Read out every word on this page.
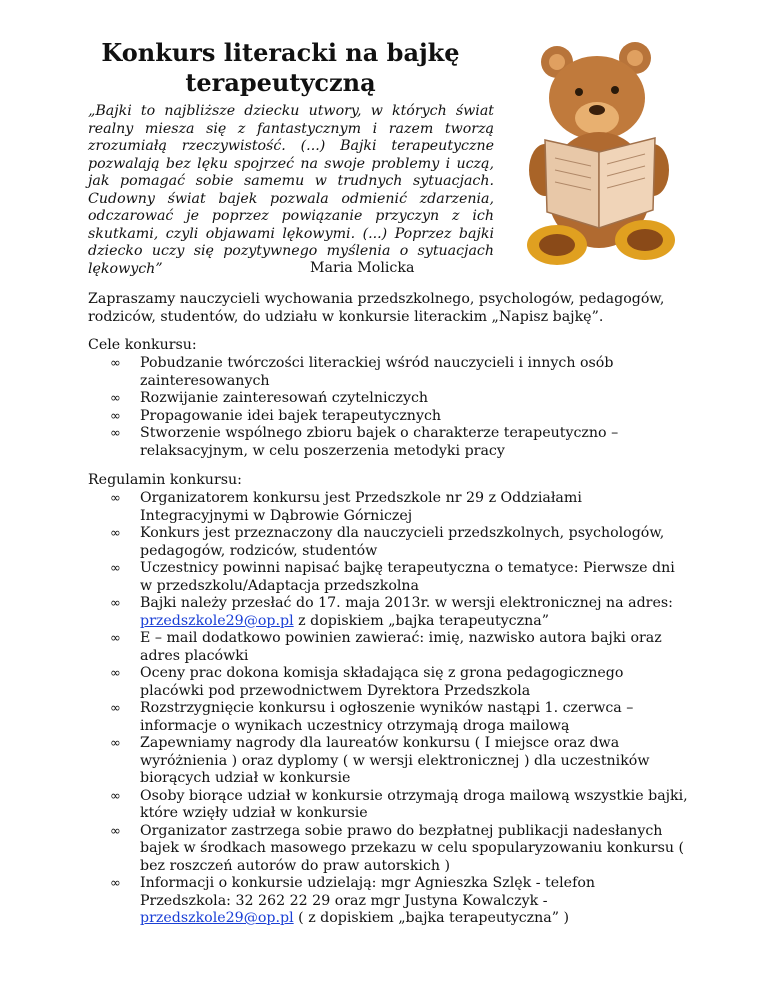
Konkurs literacki na bajkę terapeutyczną

„Bajki to najbliższe dziecku utwory, w których świat realny miesza się z fantastycznym i razem tworzą zrozumiałą rzeczywistość. (...) Bajki terapeutyczne pozwalają bez lęku spojrzeć na swoje problemy i uczą, jak pomagać sobie samemu w trudnych sytuacjach. Cudowny świat bajek pozwala odmienić zdarzenia, odczarować je poprzez powiązanie przyczyn z ich skutkami, czyli objawami lękowymi. (...) Poprzez bajki dziecko uczy się pozytywnego myślenia o sytuacjach lękowych”	Maria Molicka

Zapraszamy nauczycieli wychowania przedszkolnego, psychologów, pedagogów, rodziców, studentów, do udziału w konkursie literackim „Napisz bajkę”.

Cele konkursu:
∞ Pobudzanie twórczości literackiej wśród nauczycieli i innych osób zainteresowanych
∞ Rozwijanie zainteresowań czytelniczych
∞ Propagowanie idei bajek terapeutycznych
∞ Stworzenie wspólnego zbioru bajek o charakterze terapeutyczno – relaksacyjnym, w celu poszerzenia metodyki pracy
Regulamin konkursu:
∞ Organizatorem konkursu jest Przedszkole nr 29 z Oddziałami Integracyjnymi w Dąbrowie Górniczej
∞ Konkurs jest przeznaczony dla nauczycieli przedszkolnych, psychologów, pedagogów, rodziców, studentów
∞ Uczestnicy powinni napisać bajkę terapeutyczna o tematyce: Pierwsze dni w przedszkolu/Adaptacja przedszkolna
∞ Bajki należy przesłać do 17. maja 2013r. w wersji elektronicznej na adres: przedszkole29@op.pl z dopiskiem „bajka terapeutyczna”
∞ E – mail dodatkowo powinien zawierać: imię, nazwisko autora bajki oraz adres placówki
∞ Oceny prac dokona komisja składająca się z grona pedagogicznego placówki pod przewodnictwem Dyrektora Przedszkola
∞ Rozstrzygnięcie konkursu i ogłoszenie wyników nastąpi 1. czerwca – informacje o wynikach uczestnicy otrzymają droga mailową
∞ Zapewniamy nagrody dla laureatów konkursu ( I miejsce oraz dwa wyróżnienia ) oraz dyplomy ( w wersji elektronicznej ) dla uczestników biorących udział w konkursie
∞ Osoby biorące udział w konkursie otrzymają droga mailową wszystkie bajki, które wzięły udział w konkursie
∞ Organizator zastrzega sobie prawo do bezpłatnej publikacji nadesłanych bajek w środkach masowego przekazu w celu spopularyzowaniu konkursu ( bez roszczeń autorów do praw autorskich )
∞ Informacji o konkursie udzielają: mgr Agnieszka Szlęk - telefon Przedszkola: 32 262 22 29 oraz mgr Justyna Kowalczyk - przedszkole29@op.pl ( z dopiskiem „bajka terapeutyczna” )
